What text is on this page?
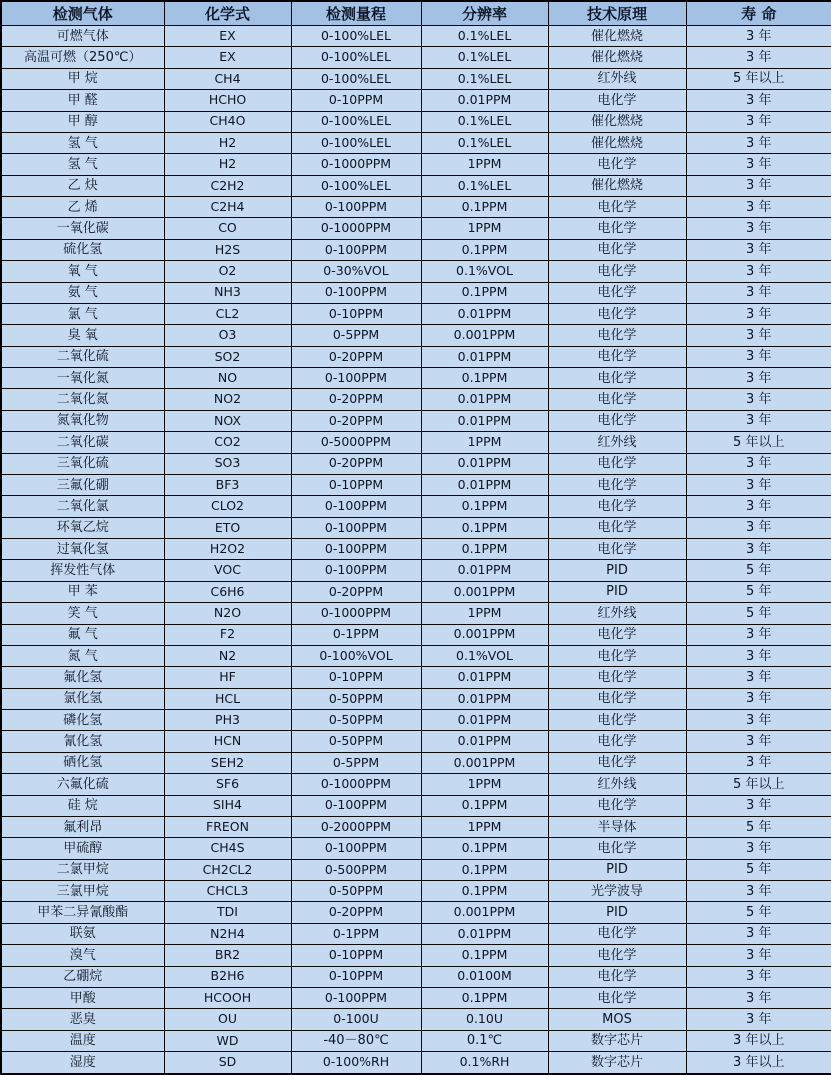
检测气体	化学式	检测量程	分辨率	技术原理	寿 命
可燃气体	EX	0-100%LEL	0.1%LEL	催化燃烧	3 年
高温可燃（250℃）	EX	0-100%LEL	0.1%LEL	催化燃烧	3 年
甲 烷	CH4	0-100%LEL	0.1%LEL	红外线	5 年以上
甲 醛	HCHO	0-10PPM	0.01PPM	电化学	3 年
甲 醇	CH4O	0-100%LEL	0.1%LEL	催化燃烧	3 年
氢 气	H2	0-100%LEL	0.1%LEL	催化燃烧	3 年
氢 气	H2	0-1000PPM	1PPM	电化学	3 年
乙 炔	C2H2	0-100%LEL	0.1%LEL	催化燃烧	3 年
乙 烯	C2H4	0-100PPM	0.1PPM	电化学	3 年
一氧化碳	CO	0-1000PPM	1PPM	电化学	3 年
硫化氢	H2S	0-100PPM	0.1PPM	电化学	3 年
氧 气	O2	0-30%VOL	0.1%VOL	电化学	3 年
氨 气	NH3	0-100PPM	0.1PPM	电化学	3 年
氯 气	CL2	0-10PPM	0.01PPM	电化学	3 年
臭 氧	O3	0-5PPM	0.001PPM	电化学	3 年
二氧化硫	SO2	0-20PPM	0.01PPM	电化学	3 年
一氧化氮	NO	0-100PPM	0.1PPM	电化学	3 年
二氧化氮	NO2	0-20PPM	0.01PPM	电化学	3 年
氮氧化物	NOX	0-20PPM	0.01PPM	电化学	3 年
二氧化碳	CO2	0-5000PPM	1PPM	红外线	5 年以上
三氧化硫	SO3	0-20PPM	0.01PPM	电化学	3 年
三氟化硼	BF3	0-10PPM	0.01PPM	电化学	3 年
二氧化氯	CLO2	0-100PPM	0.1PPM	电化学	3 年
环氧乙烷	ETO	0-100PPM	0.1PPM	电化学	3 年
过氧化氢	H2O2	0-100PPM	0.1PPM	电化学	3 年
挥发性气体	VOC	0-100PPM	0.01PPM	PID	5 年
甲 苯	C6H6	0-20PPM	0.001PPM	PID	5 年
笑 气	N2O	0-1000PPM	1PPM	红外线	5 年
氟 气	F2	0-1PPM	0.001PPM	电化学	3 年
氮 气	N2	0-100%VOL	0.1%VOL	电化学	3 年
氟化氢	HF	0-10PPM	0.01PPM	电化学	3 年
氯化氢	HCL	0-50PPM	0.01PPM	电化学	3 年
磷化氢	PH3	0-50PPM	0.01PPM	电化学	3 年
氰化氢	HCN	0-50PPM	0.01PPM	电化学	3 年
硒化氢	SEH2	0-5PPM	0.001PPM	电化学	3 年
六氟化硫	SF6	0-1000PPM	1PPM	红外线	5 年以上
硅 烷	SIH4	0-100PPM	0.1PPM	电化学	3 年
氟利昂	FREON	0-2000PPM	1PPM	半导体	5 年
甲硫醇	CH4S	0-100PPM	0.1PPM	电化学	3 年
二氯甲烷	CH2CL2	0-500PPM	0.1PPM	PID	5 年
三氯甲烷	CHCL3	0-50PPM	0.1PPM	光学波导	3 年
甲苯二异氰酸酯	TDI	0-20PPM	0.001PPM	PID	5 年
联氨	N2H4	0-1PPM	0.01PPM	电化学	3 年
溴气	BR2	0-10PPM	0.1PPM	电化学	3 年
乙硼烷	B2H6	0-10PPM	0.0100M	电化学	3 年
甲酸	HCOOH	0-100PPM	0.1PPM	电化学	3 年
恶臭	OU	0-100U	0.10U	MOS	3 年
温度	WD	-40－80℃	0.1℃	数字芯片	3 年以上
湿度	SD	0-100%RH	0.1%RH	数字芯片	3 年以上
